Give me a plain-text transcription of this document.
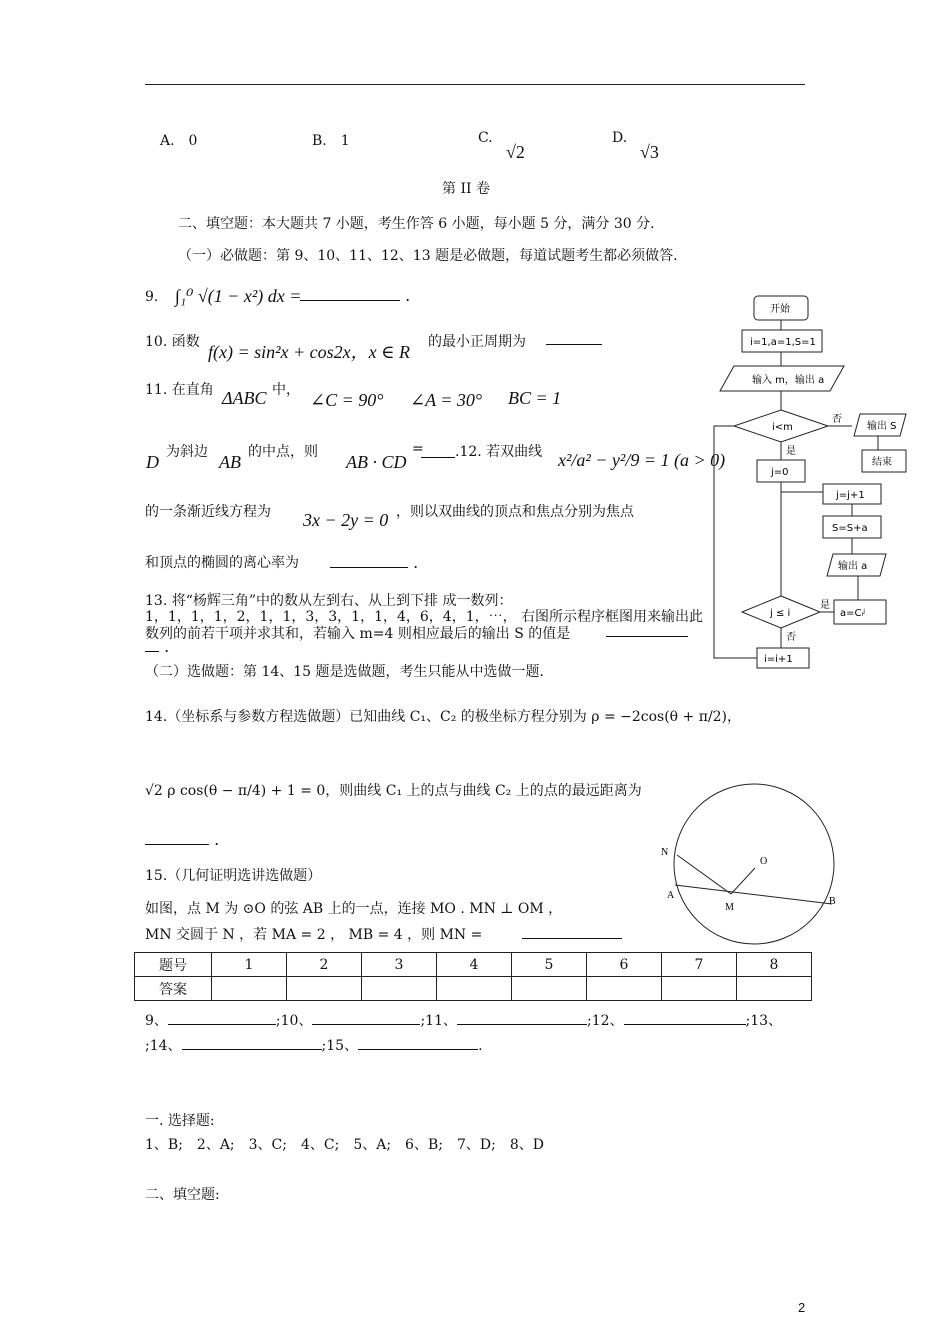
A.　0	B.　1	C.
√2
D.
√3
第 II 卷
二、填空题：本大题共 7 小题，考生作答 6 小题，每小题 5 分，满分 30 分.
（一）必做题：第 9、10、11、12、13 题是必做题，每道试题考生都必须做答.
9. ∫₁⁰ √(1 − x²) dx =	.
10. 函数 f(x) = sin²x + cos2x，x ∈ R 的最小正周期为
11. 在直角 ΔABC 中， ∠C = 90° ∠A = 30° BC = 1
D 为斜边 AB 的中点，则 AB · CD
= .12. 若双曲线 x²/a² − y²/9 = 1 (a > 0)
的一条渐近线方程为 3x − 2y = 0 ，则以双曲线的顶点和焦点分别为焦点
和顶点的椭圆的离心率为	.
13. 将“杨辉三角”中的数从左到右、从上到下排 成一数列：
1，1，1，1，2，1，1，3，3，1，1，4，6，4，1，⋯， 右图所示程序框图用来输出此
数列的前若干项并求其和，若输入 m=4 则相应最后的输出 S 的值是
.
（二）选做题：第 14、15 题是选做题，考生只能从中选做一题.
14.（坐标系与参数方程选做题）已知曲线 C₁、C₂ 的极坐标方程分别为 ρ = −2cos(θ + π/2)，
√2 ρ cos(θ − π/4) + 1 = 0，则曲线 C₁ 上的点与曲线 C₂ 上的点的最远距离为
.
15.（几何证明选讲选做题）
如图，点 M 为 ⊙O 的弦 AB 上的一点，连接 MO . MN ⊥ OM ，
MN 交圆于 N ，若 MA = 2 ， MB = 4 ，则 MN =
N
O
A
M
B
开始
i=1,a=1,S=1
输入 m，输出 a
i<m
否
输出 S
结束
是
j=0
j=j+1
S=S+a
输出 a
j ≤ i
是
a=Cᵢʲ
否
i=i+1
题号	1	2	3	4	5	6	7	8
答案								
9、	;10、	;11、	;12、	;13、
;14、	;15、	.
一. 选择题:
1、B;　2、A;　3、C;　4、C;　5、A;　6、B;　7、D;　8、D
二、填空题:
2
